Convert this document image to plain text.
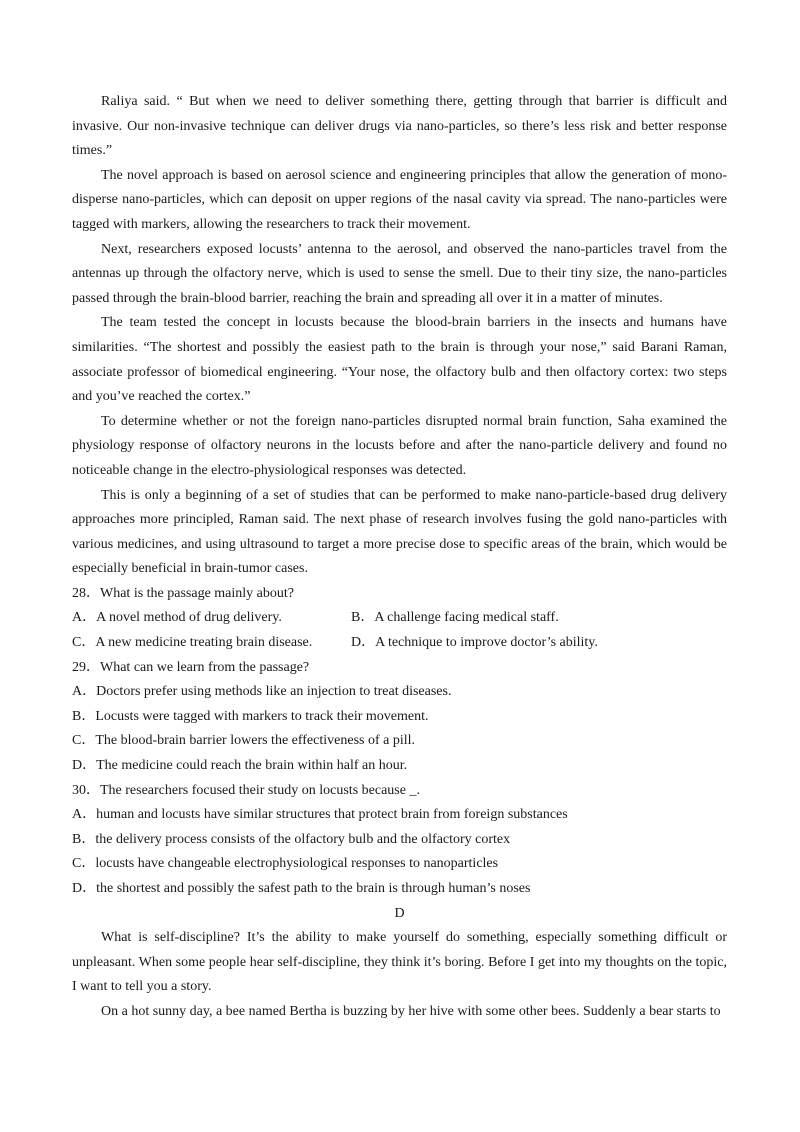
Raliya said. “ But when we need to deliver something there, getting through that barrier is difficult and invasive. Our non-invasive technique can deliver drugs via nano-particles, so there’s less risk and better response times.”

The novel approach is based on aerosol science and engineering principles that allow the generation of mono-disperse nano-particles, which can deposit on upper regions of the nasal cavity via spread. The nano-particles were tagged with markers, allowing the researchers to track their movement.

Next, researchers exposed locusts’ antenna to the aerosol, and observed the nano-particles travel from the antennas up through the olfactory nerve, which is used to sense the smell. Due to their tiny size, the nano-particles passed through the brain-blood barrier, reaching the brain and spreading all over it in a matter of minutes.

The team tested the concept in locusts because the blood-brain barriers in the insects and humans have similarities. “The shortest and possibly the easiest path to the brain is through your nose,” said Barani Raman, associate professor of biomedical engineering. “Your nose, the olfactory bulb and then olfactory cortex: two steps and you’ve reached the cortex.”

To determine whether or not the foreign nano-particles disrupted normal brain function, Saha examined the physiology response of olfactory neurons in the locusts before and after the nano-particle delivery and found no noticeable change in the electro-physiological responses was detected.

This is only a beginning of a set of studies that can be performed to make nano-particle-based drug delivery approaches more principled, Raman said. The next phase of research involves fusing the gold nano-particles with various medicines, and using ultrasound to target a more precise dose to specific areas of the brain, which would be especially beneficial in brain-tumor cases.

28．What is the passage mainly about?

A．A novel method of drug delivery.	B．A challenge facing medical staff.
C．A new medicine treating brain disease.	D．A technique to improve doctor’s ability.

29．What can we learn from the passage?

A．Doctors prefer using methods like an injection to treat diseases.

B．Locusts were tagged with markers to track their movement.

C．The blood-brain barrier lowers the effectiveness of a pill.

D．The medicine could reach the brain within half an hour.

30．The researchers focused their study on locusts because _.

A．human and locusts have similar structures that protect brain from foreign substances

B．the delivery process consists of the olfactory bulb and the olfactory cortex

C．locusts have changeable electrophysiological responses to nanoparticles

D．the shortest and possibly the safest path to the brain is through human’s noses

D

What is self-discipline? It’s the ability to make yourself do something, especially something difficult or unpleasant. When some people hear self-discipline, they think it’s boring. Before I get into my thoughts on the topic, I want to tell you a story.

On a hot sunny day, a bee named Bertha is buzzing by her hive with some other bees. Suddenly a bear starts to
